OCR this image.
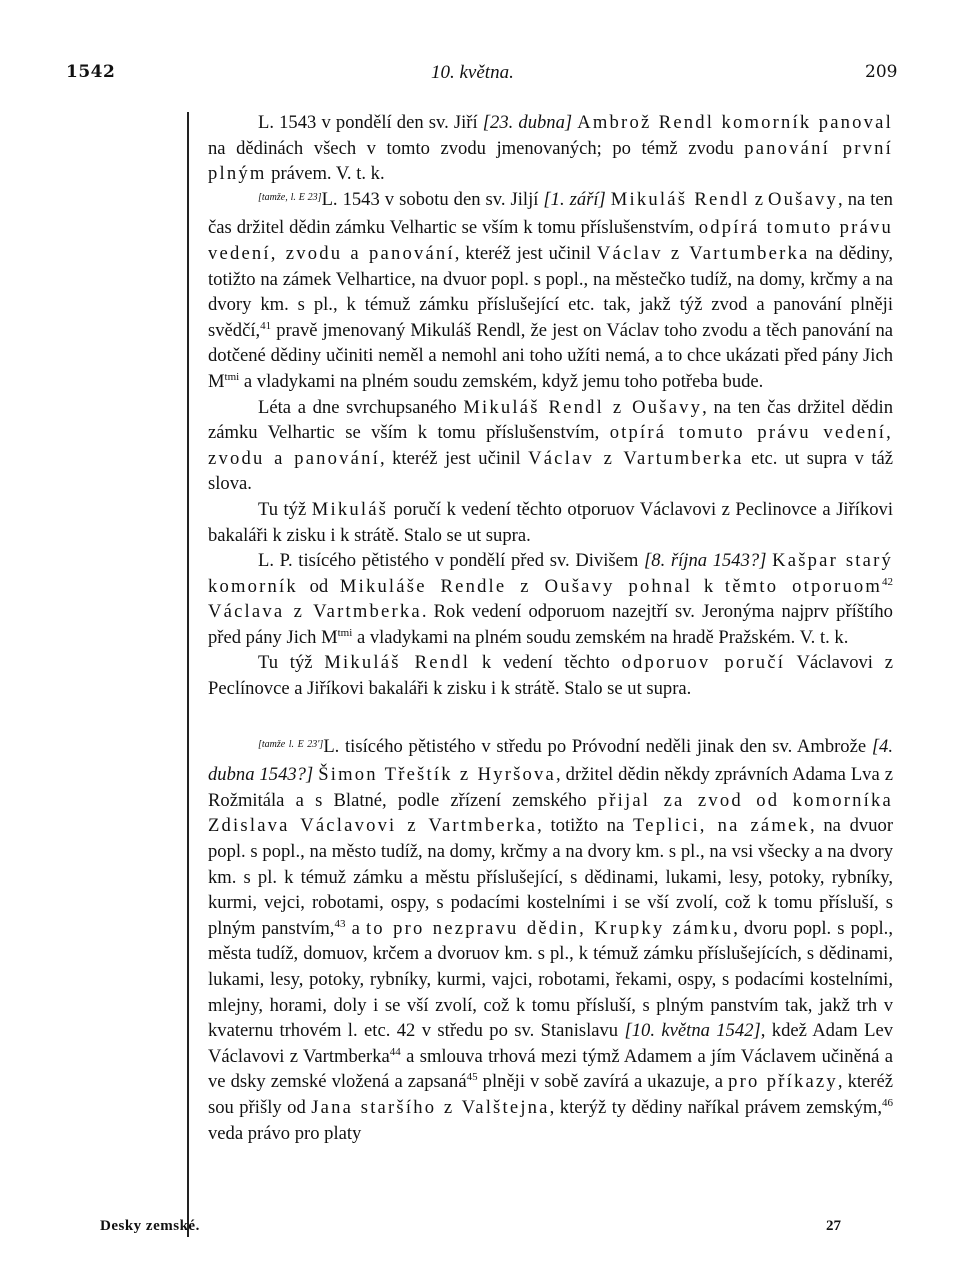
1542	10. května.	209

L. 1543 v pondělí den sv. Jiří [23. dubna] Ambrož Rendl komorník panoval na dědinách všech v tomto zvodu jmenovaných; po témž zvodu panování první plným právem. V. t. k.

[tamže, l. E 23]L. 1543 v sobotu den sv. Jiljí [1. září] Mikuláš Rendl z Oušavy, na ten čas držitel dědin zámku Velhartic se vším k tomu příslušenstvím, odpírá tomuto právu vedení, zvodu a panování, kteréž jest učinil Václav z Vartumberka na dědiny, totižto na zámek Velhartice, na dvuor popl. s popl., na městečko tudíž, na domy, krčmy a na dvory km. s pl., k témuž zámku příslušející etc. tak, jakž týž zvod a panování plněji svědčí,$^{41}$ pravě jmenovaný Mikuláš Rendl, že jest on Václav toho zvodu a těch panování na dotčené dědiny učiniti neměl a nemohl ani toho užíti nemá, a to chce ukázati před pány Jich $M^{tmi}$ a vladykami na plném soudu zemském, když jemu toho potřeba bude.

Léta a dne svrchupsaného Mikuláš Rendl z Oušavy, na ten čas držitel dědin zámku Velhartic se vším k tomu příslušenstvím, otpírá tomuto právu vedení, zvodu a panování, kteréž jest učinil Václav z Vartumberka etc. ut supra v táž slova.

Tu týž Mikuláš poručí k vedení těchto otporuov Václavovi z Peclinovce a Jiříkovi bakaláři k zisku i k strátě. Stalo se ut supra.

L. P. tisícého pětistého v pondělí před sv. Divišem [8. října 1543?] Kašpar starý komorník od Mikuláše Rendle z Oušavy pohnal k těmto otporuom$^{42}$ Václava z Vartmberka. Rok vedení odporuom nazejtří sv. Jeronýma najprv příštího před pány Jich $M^{tmi}$ a vladykami na plném soudu zemském na hradě Pražském. V. t. k.

Tu týž Mikuláš Rendl k vedení těchto odporuov poručí Václavovi z Peclínovce a Jiříkovi bakaláři k zisku i k strátě. Stalo se ut supra.

[tamže l. E 23']L. tisícého pětistého v středu po Próvodní neděli jinak den sv. Ambrože [4. dubna 1543?] Šimon Třeštík z Hyršova, držitel dědin někdy zprávních Adama Lva z Rožmitála a s Blatné, podle zřízení zemského přijal za zvod od komorníka Zdislava Václavovi z Vartmberka, totižto na Teplici, na zámek, na dvuor popl. s popl., na město tudíž, na domy, krčmy a na dvory km. s pl., na vsi všecky a na dvory km. s pl. k témuž zámku a městu příslušející, s dědinami, lukami, lesy, potoky, rybníky, kurmi, vejci, robotami, ospy, s podacími kostelními i se vší zvolí, což k tomu přísluší, s plným panstvím,$^{43}$ a to pro nezpravu dědin, Krupky zámku, dvoru popl. s popl., města tudíž, domuov, krčem a dvoruov km. s pl., k témuž zámku příslušejících, s dědinami, lukami, lesy, potoky, rybníky, kurmi, vajci, robotami, řekami, ospy, s podacími kostelními, mlejny, horami, doly i se vší zvolí, což k tomu přísluší, s plným panstvím tak, jakž trh v kvaternu trhovém l. etc. 42 v středu po sv. Stanislavu [10. května 1542], kdež Adam Lev Václavovi z Vartmberka$^{44}$ a smlouva trhová mezi týmž Adamem a jím Václavem učiněná a ve dsky zemské vložená a zapsaná$^{45}$ plněji v sobě zavírá a ukazuje, a pro příkazy, kteréž sou přišly od Jana staršího z Valštejna, kterýž ty dědiny naříkal právem zemským,$^{46}$ veda právo pro platy

Desky zemské.	27
